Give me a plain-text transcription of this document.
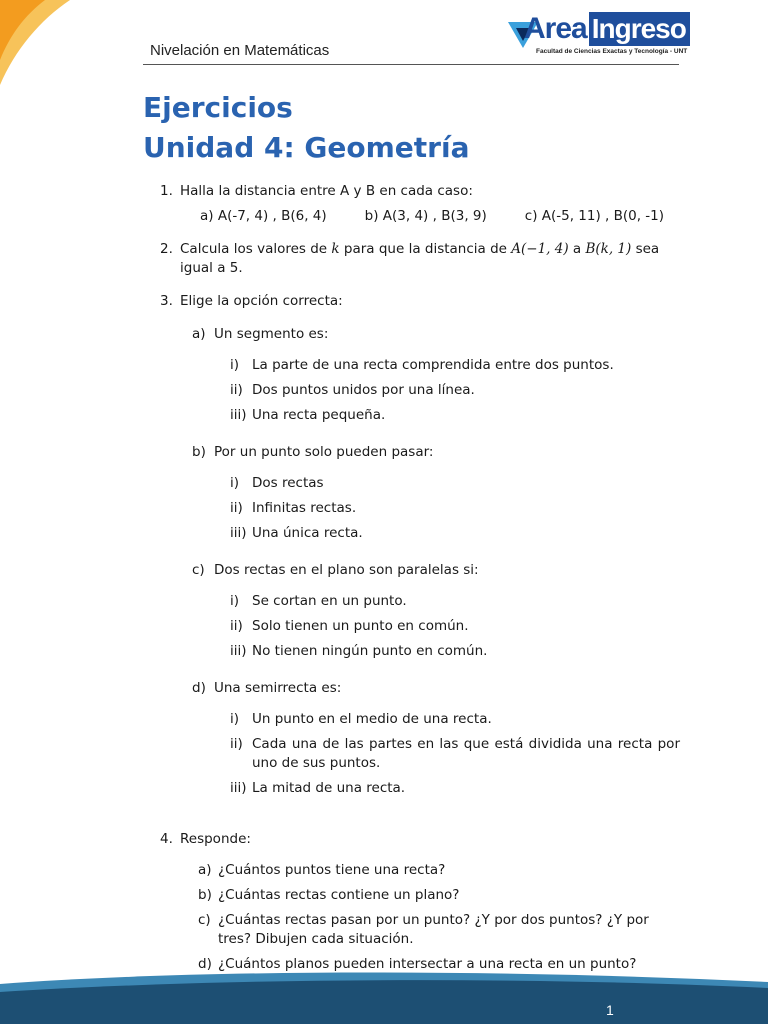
Nivelación en Matemáticas
Area Ingreso
Facultad de Ciencias Exactas y Tecnología - UNT
Ejercicios
Unidad 4: Geometría
1. Halla la distancia entre A y B en cada caso:
a) A(-7, 4) , B(6, 4)	b) A(3, 4) , B(3, 9)	c) A(-5, 11) , B(0, -1)
2. Calcula los valores de k para que la distancia de A(−1, 4) a B(k, 1) sea igual a 5.
3. Elige la opción correcta:
a) Un segmento es:
i) La parte de una recta comprendida entre dos puntos.
ii) Dos puntos unidos por una línea.
iii) Una recta pequeña.
b) Por un punto solo pueden pasar:
i) Dos rectas
ii) Infinitas rectas.
iii) Una única recta.
c) Dos rectas en el plano son paralelas si:
i) Se cortan en un punto.
ii) Solo tienen un punto en común.
iii) No tienen ningún punto en común.
d) Una semirrecta es:
i) Un punto en el medio de una recta.
ii) Cada una de las partes en las que está dividida una recta por uno de sus puntos.
iii) La mitad de una recta.
4. Responde:
a) ¿Cuántos puntos tiene una recta?
b) ¿Cuántas rectas contiene un plano?
c) ¿Cuántas rectas pasan por un punto? ¿Y por dos puntos? ¿Y por tres? Dibujen cada situación.
d) ¿Cuántos planos pueden intersectar a una recta en un punto?
1
